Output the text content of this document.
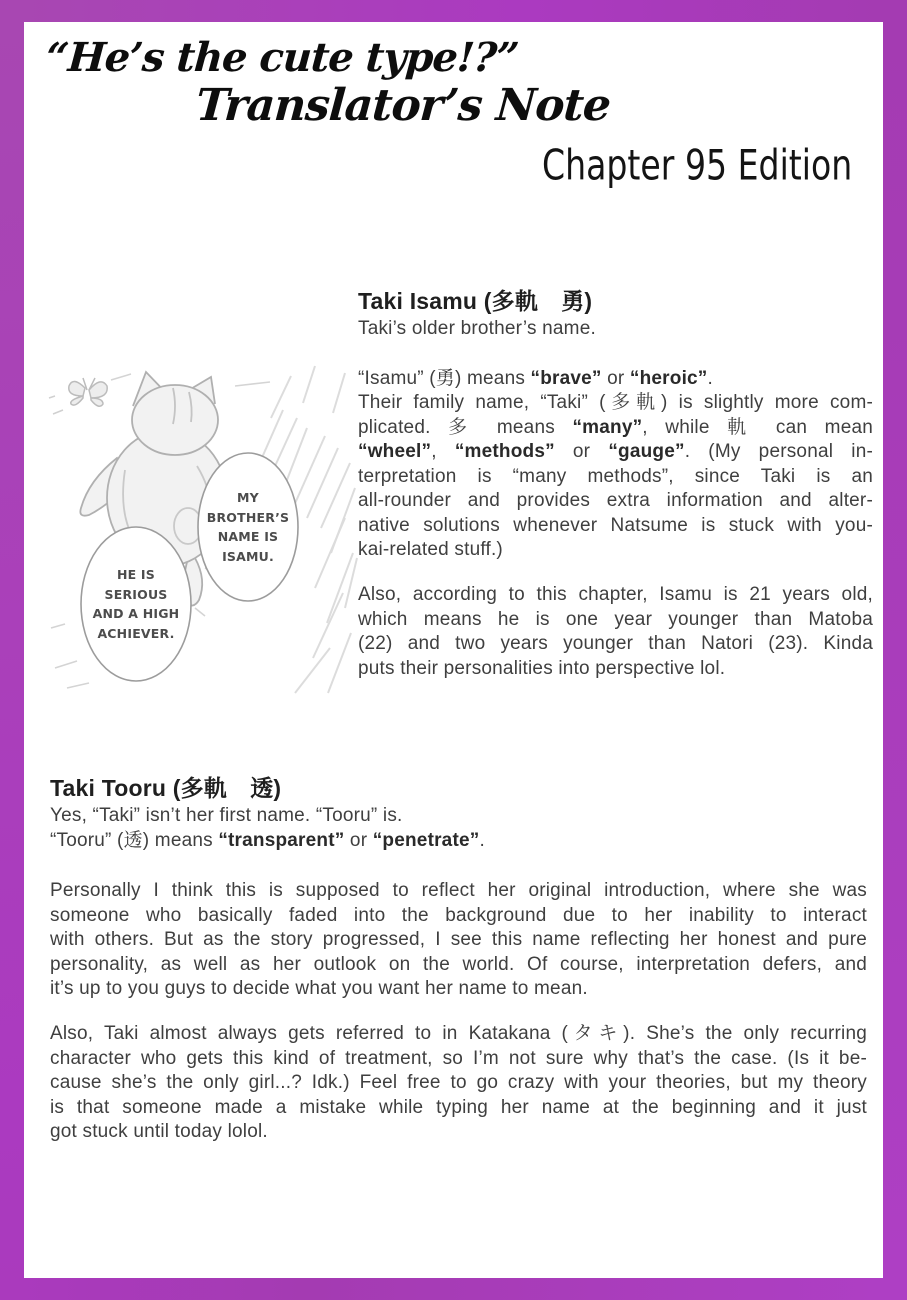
“He’s the cute type!?”
Translator’s Note
Chapter 95 Edition
MY
BROTHER’S
NAME IS
ISAMU.
HE IS
SERIOUS
AND A HIGH
ACHIEVER.
Taki Isamu (多軌　勇)
Taki’s older brother’s name.
“Isamu” (勇) means “brave” or “heroic”.
Their family name, “Taki” (多軌) is slightly more com-
plicated. 多 means “many”, while 軌 can mean
“wheel”, “methods” or “gauge”. (My personal in-
terpretation is “many methods”, since Taki is an
all-rounder and provides extra information and alter-
native solutions whenever Natsume is stuck with you-
kai-related stuff.)
Also, according to this chapter, Isamu is 21 years old,
which means he is one year younger than Matoba
(22) and two years younger than Natori (23). Kinda
puts their personalities into perspective lol.
Taki Tooru (多軌　透)
Yes, “Taki” isn’t her first name. “Tooru” is.
“Tooru” (透) means “transparent” or “penetrate”.
Personally I think this is supposed to reflect her original introduction, where she was
someone who basically faded into the background due to her inability to interact
with others. But as the story progressed, I see this name reflecting her honest and pure
personality, as well as her outlook on the world. Of course, interpretation defers, and
it’s up to you guys to decide what you want her name to mean.
Also, Taki almost always gets referred to in Katakana (タキ). She’s the only recurring
character who gets this kind of treatment, so I’m not sure why that’s the case. (Is it be-
cause she’s the only girl...? Idk.) Feel free to go crazy with your theories, but my theory
is that someone made a mistake while typing her name at the beginning and it just
got stuck until today lolol.
